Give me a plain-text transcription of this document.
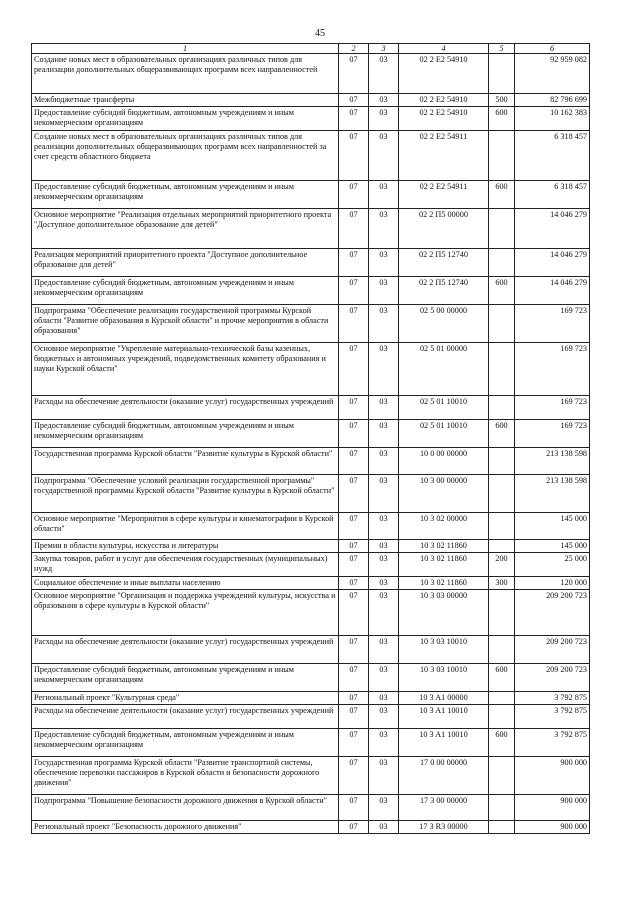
45
1	2	3	4	5	6
Создание новых мест в образовательных организациях различных типов для реализации дополнительных общеразвивающих программ всех направленностей	07	03	02 2 E2 54910		92 959 082
Межбюджетные трансферты	07	03	02 2 E2 54910	500	82 796 699
Предоставление субсидий бюджетным, автономным учреждениям и иным некоммерческим организациям	07	03	02 2 E2 54910	600	10 162 383
Создание новых мест в образовательных организациях различных типов для реализации дополнительных общеразвивающих программ всех направленностей за счет средств областного бюджета	07	03	02 2 E2 54911		6 318 457
Предоставление субсидий бюджетным, автономным учреждениям и иным некоммерческим организациям	07	03	02 2 E2 54911	600	6 318 457
Основное мероприятие "Реализация отдельных мероприятий приоритетного проекта "Доступное дополнительное образование для детей"	07	03	02 2 П5 00000		14 046 279
Реализация мероприятий приоритетного проекта "Доступное дополнительное образование для детей"	07	03	02 2 П5 12740		14 046 279
Предоставление субсидий бюджетным, автономным учреждениям и иным некоммерческим организациям	07	03	02 2 П5 12740	600	14 046 279
Подпрограмма "Обеспечение реализации государственной программы Курской области "Развитие образования в Курской области" и прочие мероприятия в области образования"	07	03	02 5 00 00000		169 723
Основное мероприятие "Укрепление материально-технической базы казенных, бюджетных и автономных учреждений, подведомственных комитету образования и науки Курской области"	07	03	02 5 01 00000		169 723
Расходы на обеспечение деятельности (оказание услуг) государственных учреждений	07	03	02 5 01 10010		169 723
Предоставление субсидий бюджетным, автономным учреждениям и иным некоммерческим организациям	07	03	02 5 01 10010	600	169 723
Государственная программа Курской области "Развитие культуры в Курской области"	07	03	10 0 00 00000		213 138 598
Подпрограмма "Обеспечение условий реализации государственной программы" государственной программы Курской области "Развитие культуры в Курской области"	07	03	10 3 00 00000		213 138 598
Основное мероприятие "Мероприятия в сфере культуры и кинематографии в Курской области"	07	03	10 3 02 00000		145 000
Премии в области культуры, искусства и литературы	07	03	10 3 02 11860		145 000
Закупка товаров, работ и услуг для обеспечения государственных (муниципальных) нужд	07	03	10 3 02 11860	200	25 000
Социальное обеспечение и иные выплаты населению	07	03	10 3 02 11860	300	120 000
Основное мероприятие "Организация и поддержка учреждений культуры, искусства и образования в сфере культуры в Курской области"	07	03	10 3 03 00000		209 200 723
Расходы на обеспечение деятельности (оказание услуг) государственных учреждений	07	03	10 3 03 10010		209 200 723
Предоставление субсидий бюджетным, автономным учреждениям и иным некоммерческим организациям	07	03	10 3 03 10010	600	209 200 723
Региональный проект "Культурная среда"	07	03	10 3 A1 00000		3 792 875
Расходы на обеспечение деятельности (оказание услуг) государственных учреждений	07	03	10 3 A1 10010		3 792 875
Предоставление субсидий бюджетным, автономным учреждениям и иным некоммерческим организациям	07	03	10 3 A1 10010	600	3 792 875
Государственная программа Курской области "Развитие транспортной системы, обеспечение перевозки пассажиров в Курской области и безопасности дорожного движения"	07	03	17 0 00 00000		900 000
Подпрограмма "Повышение безопасности дорожного движения в Курской области"	07	03	17 3 00 00000		900 000
Региональный проект "Безопасность дорожного движения"	07	03	17 3 R3 00000		900 000
